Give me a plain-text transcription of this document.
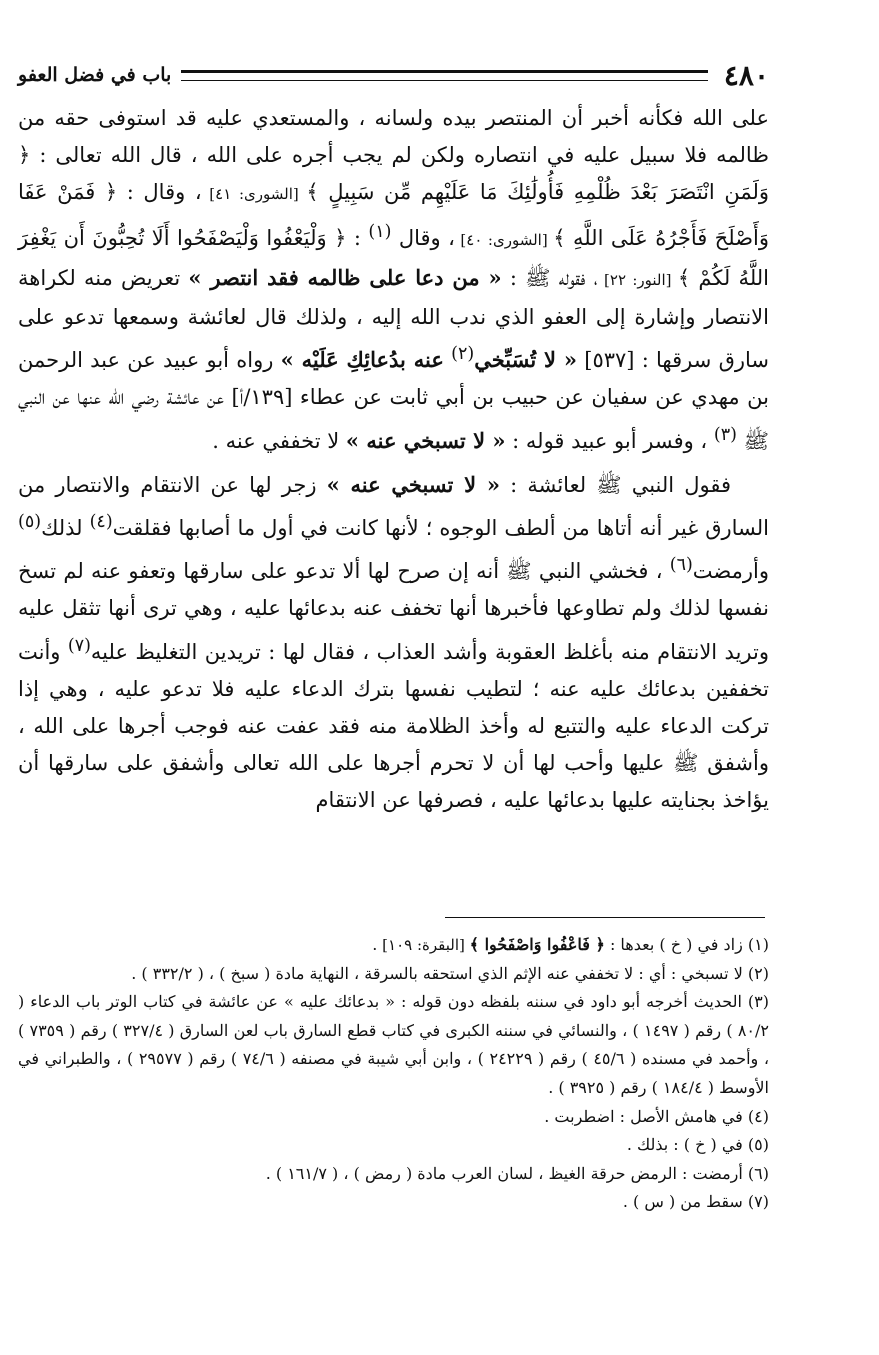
٤٨٠
باب في فضل العفو

على الله فكأنه أخبر أن المنتصر بيده ولسانه ، والمستعدي عليه قد استوفى حقه من ظالمه فلا سبيل عليه في انتصاره ولكن لم يجب أجره على الله ، قال الله تعالى : ﴿ وَلَمَنِ انْتَصَرَ بَعْدَ ظُلْمِهِ فَأُولَٰئِكَ مَا عَلَيْهِم مِّن سَبِيلٍ ﴾ [الشورى: ٤١] ، وقال : ﴿ فَمَنْ عَفَا وَأَصْلَحَ فَأَجْرُهُ عَلَى اللَّهِ ﴾ [الشورى: ٤٠] ، وقال $^{(١)}$ : ﴿ وَلْيَعْفُوا وَلْيَصْفَحُوا أَلَا تُحِبُّونَ أَن يَغْفِرَ اللَّهُ لَكُمْ ﴾ [النور: ٢٢] ، فقوله ﷺ : « من دعا على ظالمه فقد انتصر » تعريض منه لكراهة الانتصار وإشارة إلى العفو الذي ندب الله إليه ، ولذلك قال لعائشة وسمعها تدعو على سارق سرقها : [٥٣٧] « لا تُسَبِّخي$^{(٢)}$ عنه بدُعائِكِ عَلَيْه » رواه أبو عبيد عن عبد الرحمن بن مهدي عن سفيان عن حبيب بن أبي ثابت عن عطاء [١٣٩/أ] عن عائشة رضي الله عنها عن النبي ﷺ $^{(٣)}$ ، وفسر أبو عبيد قوله : « لا تسبخي عنه » لا تخففي عنه .

فقول النبي ﷺ لعائشة : « لا تسبخي عنه » زجر لها عن الانتقام والانتصار من السارق غير أنه أتاها من ألطف الوجوه ؛ لأنها كانت في أول ما أصابها فقلقت$^{(٤)}$ لذلك$^{(٥)}$ وأرمضت$^{(٦)}$ ، فخشي النبي ﷺ أنه إن صرح لها ألا تدعو على سارقها وتعفو عنه لم تسخ نفسها لذلك ولم تطاوعها فأخبرها أنها تخفف عنه بدعائها عليه ، وهي ترى أنها تثقل عليه وتريد الانتقام منه بأغلظ العقوبة وأشد العذاب ، فقال لها : تريدين التغليظ عليه$^{(٧)}$ وأنت تخففين بدعائك عليه عنه ؛ لتطيب نفسها بترك الدعاء عليه فلا تدعو عليه ، وهي إذا تركت الدعاء عليه والتتبع له وأخذ الظلامة منه فقد عفت عنه فوجب أجرها على الله ، وأشفق ﷺ عليها وأحب لها أن لا تحرم أجرها على الله تعالى وأشفق على سارقها أن يؤاخذ بجنايته عليها بدعائها عليه ، فصرفها عن الانتقام

(١) زاد في ( خ ) بعدها : ﴿ فَاعْفُوا وَاصْفَحُوا ﴾ [البقرة: ١٠٩] .

(٢) لا تسبخي : أي : لا تخففي عنه الإثم الذي استحقه بالسرقة ، النهاية مادة ( سبخ ) ، ( ٣٣٢/٢ ) .

(٣) الحديث أخرجه أبو داود في سننه بلفظه دون قوله : « بدعائك عليه » عن عائشة في كتاب الوتر باب الدعاء ( ٨٠/٢ ) رقم ( ١٤٩٧ ) ، والنسائي في سننه الكبرى في كتاب قطع السارق باب لعن السارق ( ٣٢٧/٤ ) رقم ( ٧٣٥٩ ) ، وأحمد في مسنده ( ٤٥/٦ ) رقم ( ٢٤٢٢٩ ) ، وابن أبي شيبة في مصنفه ( ٧٤/٦ ) رقم ( ٢٩٥٧٧ ) ، والطبراني في الأوسط ( ١٨٤/٤ ) رقم ( ٣٩٢٥ ) .

(٤) في هامش الأصل : اضطربت .

(٥) في ( خ ) : بذلك .

(٦) أرمضت : الرمض حرقة الغيظ ، لسان العرب مادة ( رمض ) ، ( ١٦١/٧ ) .

(٧) سقط من ( س ) .
